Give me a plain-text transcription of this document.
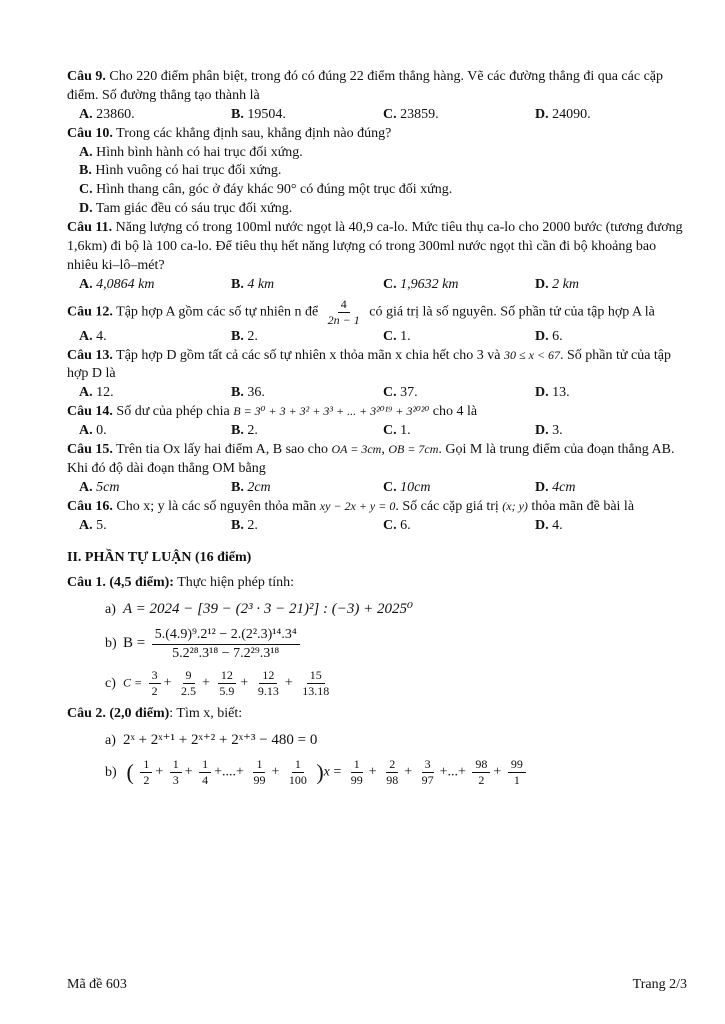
Câu 9. Cho 220 điểm phân biệt, trong đó có đúng 22 điểm thẳng hàng. Vẽ các đường thẳng đi qua các cặp điểm. Số đường thẳng tạo thành là

A. 23860.	B. 19504.	C. 23859.	D. 24090.

Câu 10. Trong các khẳng định sau, khẳng định nào đúng?

A. Hình bình hành có hai trục đối xứng.
B. Hình vuông có hai trục đối xứng.
C. Hình thang cân, góc ở đáy khác 90° có đúng một trục đối xứng.
D. Tam giác đều có sáu trục đối xứng.

Câu 11. Năng lượng có trong 100ml nước ngọt là 40,9 ca-lo. Mức tiêu thụ ca-lo cho 2000 bước (tương đương 1,6km) đi bộ là 100 ca-lo. Để tiêu thụ hết năng lượng có trong 300ml nước ngọt thì cần đi bộ khoảng bao nhiêu ki–lô–mét?

A. 4,0864 km	B. 4 km	C. 1,9632 km	D. 2 km

Câu 12. Tập hợp A gồm các số tự nhiên n để $\frac{4}{2n - 1}$ có giá trị là số nguyên. Số phần tử của tập hợp A là

A. 4.	B. 2.	C. 1.	D. 6.

Câu 13. Tập hợp D gồm tất cả các số tự nhiên x thỏa mãn x chia hết cho 3 và 30 ≤ x < 67. Số phần tử của tập hợp D là

A. 12.	B. 36.	C. 37.	D. 13.

Câu 14. Số dư của phép chia B = 3⁰ + 3 + 3² + 3³ + ... + 3²⁰¹⁹ + 3²⁰²⁰ cho 4 là

A. 0.	B. 2.	C. 1.	D. 3.

Câu 15. Trên tia Ox lấy hai điểm A, B sao cho OA = 3cm, OB = 7cm. Gọi M là trung điểm của đoạn thẳng AB. Khi đó độ dài đoạn thẳng OM bằng

A. 5cm	B. 2cm	C. 10cm	D. 4cm

Câu 16. Cho x; y là các số nguyên thỏa mãn xy − 2x + y = 0. Số các cặp giá trị (x; y) thỏa mãn đề bài là

A. 5.	B. 2.	C. 6.	D. 4.
II. PHẦN TỰ LUẬN (16 điểm)

Câu 1. (4,5 điểm): Thực hiện phép tính:

a) A = 2024 − [39 − (2³ · 3 − 21)²] : (−3) + 2025⁰
b) $B = \frac{\text{5.(4.9)⁹.2¹² − 2.(2².3)¹⁴.3⁴}}{\text{5.2²⁸.3¹⁸ − 7.2²⁹.3¹⁸}}$
c) $C = \frac{3}{2} + \frac{9}{2.5} + \frac{12}{5.9} + \frac{12}{9.13} + \frac{15}{13.18}$

Câu 2. (2,0 điểm): Tìm x, biết:

a) 2ˣ + 2ˣ⁺¹ + 2ˣ⁺² + 2ˣ⁺³ − 480 = 0
b) ( $\frac{1}{2} + \frac{1}{3} + \frac{1}{4}$ +....+ $\frac{1}{99} + \frac{1}{100} )x = \frac{1}{99} + \frac{2}{98} + \frac{3}{97}$ +...+ $\frac{98}{2} + \frac{99}{1}$
Mã đề 603	Trang 2/3
